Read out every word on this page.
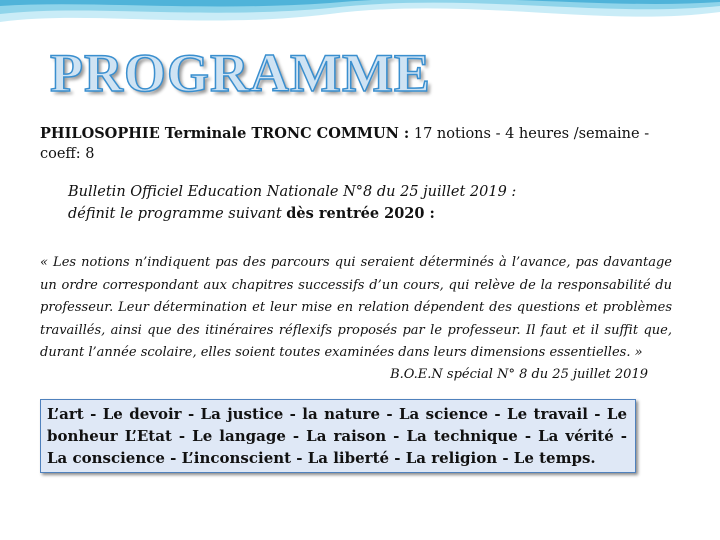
PROGRAMME
PHILOSOPHIE Terminale TRONC COMMUN : 17 notions - 4 heures /semaine - coeff: 8
Bulletin Officiel Education Nationale N°8 du 25 juillet 2019 :
définit le programme suivant dès rentrée 2020 :
« Les notions n’indiquent pas des parcours qui seraient déterminés à l’avance, pas davantage un ordre correspondant aux chapitres successifs d’un cours, qui relève de la responsabilité du professeur. Leur détermination et leur mise en relation dépendent des questions et problèmes travaillés, ainsi que des itinéraires réflexifs proposés par le professeur. Il faut et il suffit que, durant l’année scolaire, elles soient toutes examinées dans leurs dimensions essentielles. »
B.O.E.N spécial N° 8 du 25 juillet 2019
L’art - Le devoir - La justice - la nature - La science - Le travail - Le bonheur L’Etat - Le langage - La raison - La technique - La vérité - La conscience - L’inconscient - La liberté - La religion - Le temps.
